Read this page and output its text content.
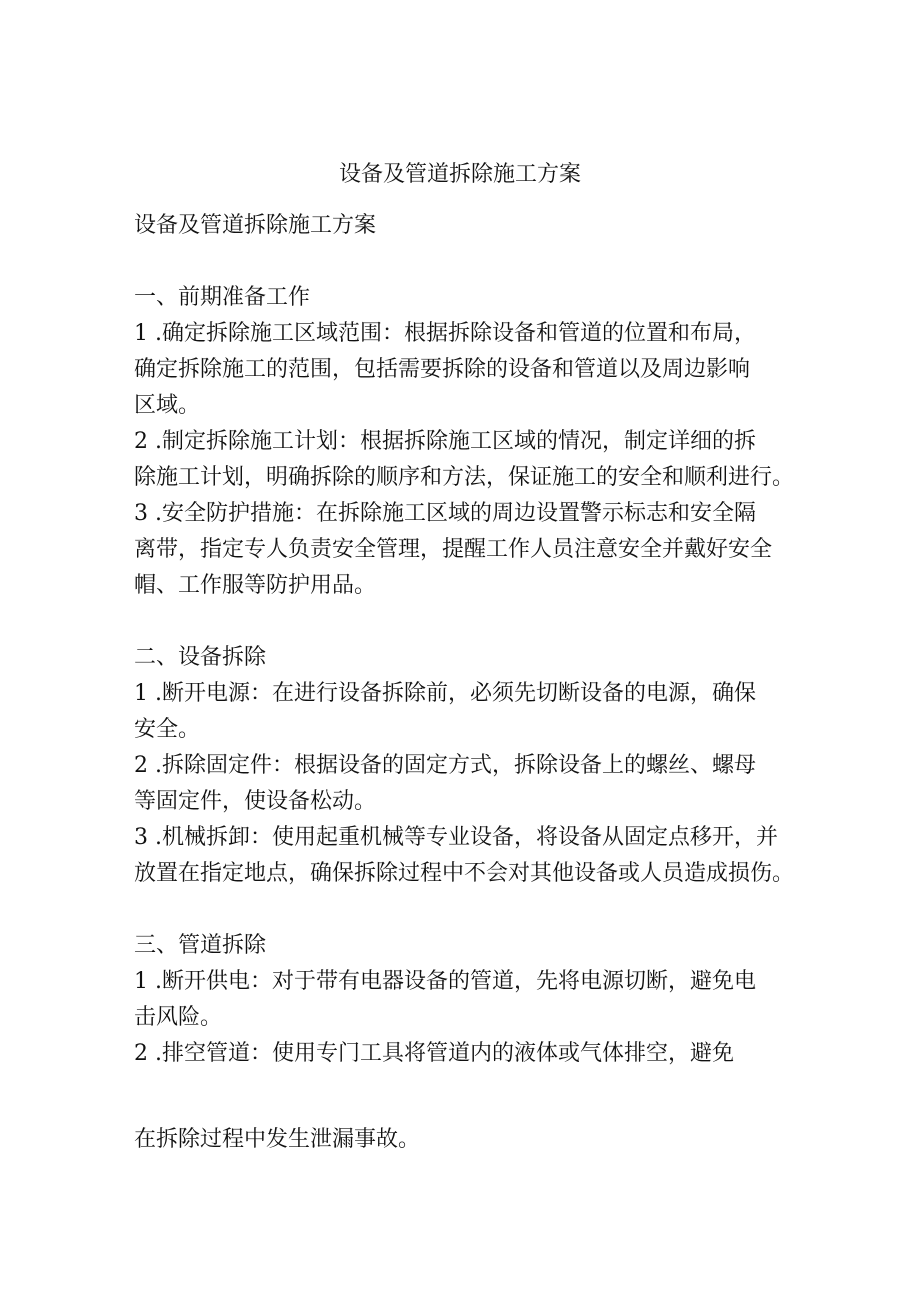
设备及管道拆除施工方案
设备及管道拆除施工方案
一、前期准备工作
1 .确定拆除施工区域范围：根据拆除设备和管道的位置和布局，
确定拆除施工的范围，包括需要拆除的设备和管道以及周边影响
区域。
2 .制定拆除施工计划：根据拆除施工区域的情况，制定详细的拆
除施工计划，明确拆除的顺序和方法，保证施工的安全和顺利进行。
3 .安全防护措施：在拆除施工区域的周边设置警示标志和安全隔
离带，指定专人负责安全管理，提醒工作人员注意安全并戴好安全
帽、工作服等防护用品。
二、设备拆除
1 .断开电源：在进行设备拆除前，必须先切断设备的电源，确保
安全。
2 .拆除固定件：根据设备的固定方式，拆除设备上的螺丝、螺母
等固定件，使设备松动。
3 .机械拆卸：使用起重机械等专业设备，将设备从固定点移开，并
放置在指定地点，确保拆除过程中不会对其他设备或人员造成损伤。
三、管道拆除
1 .断开供电：对于带有电器设备的管道，先将电源切断，避免电
击风险。
2 .排空管道：使用专门工具将管道内的液体或气体排空，避免
在拆除过程中发生泄漏事故。
